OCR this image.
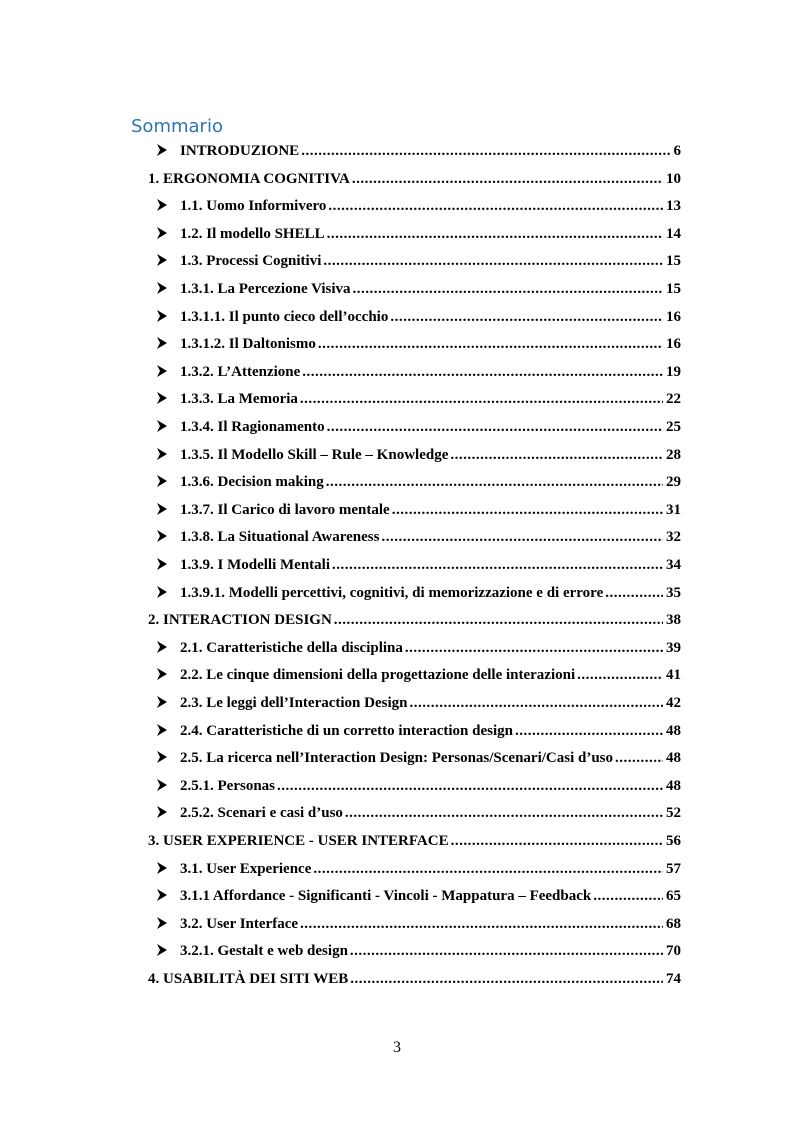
Sommario
INTRODUZIONE .....	6
1. ERGONOMIA COGNITIVA .....	10
1.1. Uomo Informivero .....	13
1.2. Il modello SHELL .....	14
1.3. Processi Cognitivi .....	15
1.3.1. La Percezione Visiva .....	15
1.3.1.1. Il punto cieco dell’occhio .....	16
1.3.1.2. Il Daltonismo .....	16
1.3.2. L’Attenzione .....	19
1.3.3. La Memoria .....	22
1.3.4. Il Ragionamento .....	25
1.3.5. Il Modello Skill – Rule – Knowledge .....	28
1.3.6. Decision making .....	29
1.3.7. Il Carico di lavoro mentale .....	31
1.3.8. La Situational Awareness .....	32
1.3.9. I Modelli Mentali .....	34
1.3.9.1. Modelli percettivi, cognitivi, di memorizzazione e di errore .....	35
2. INTERACTION DESIGN .....	38
2.1. Caratteristiche della disciplina .....	39
2.2. Le cinque dimensioni della progettazione delle interazioni .....	41
2.3. Le leggi dell’Interaction Design .....	42
2.4. Caratteristiche di un corretto interaction design .....	48
2.5. La ricerca nell’Interaction Design: Personas/Scenari/Casi d’uso .....	48
2.5.1. Personas .....	48
2.5.2. Scenari e casi d’uso .....	52
3. USER EXPERIENCE - USER INTERFACE .....	56
3.1. User Experience .....	57
3.1.1 Affordance - Significanti - Vincoli - Mappatura – Feedback .....	65
3.2. User Interface .....	68
3.2.1. Gestalt e web design .....	70
4. USABILITÀ DEI SITI WEB .....	74
3
